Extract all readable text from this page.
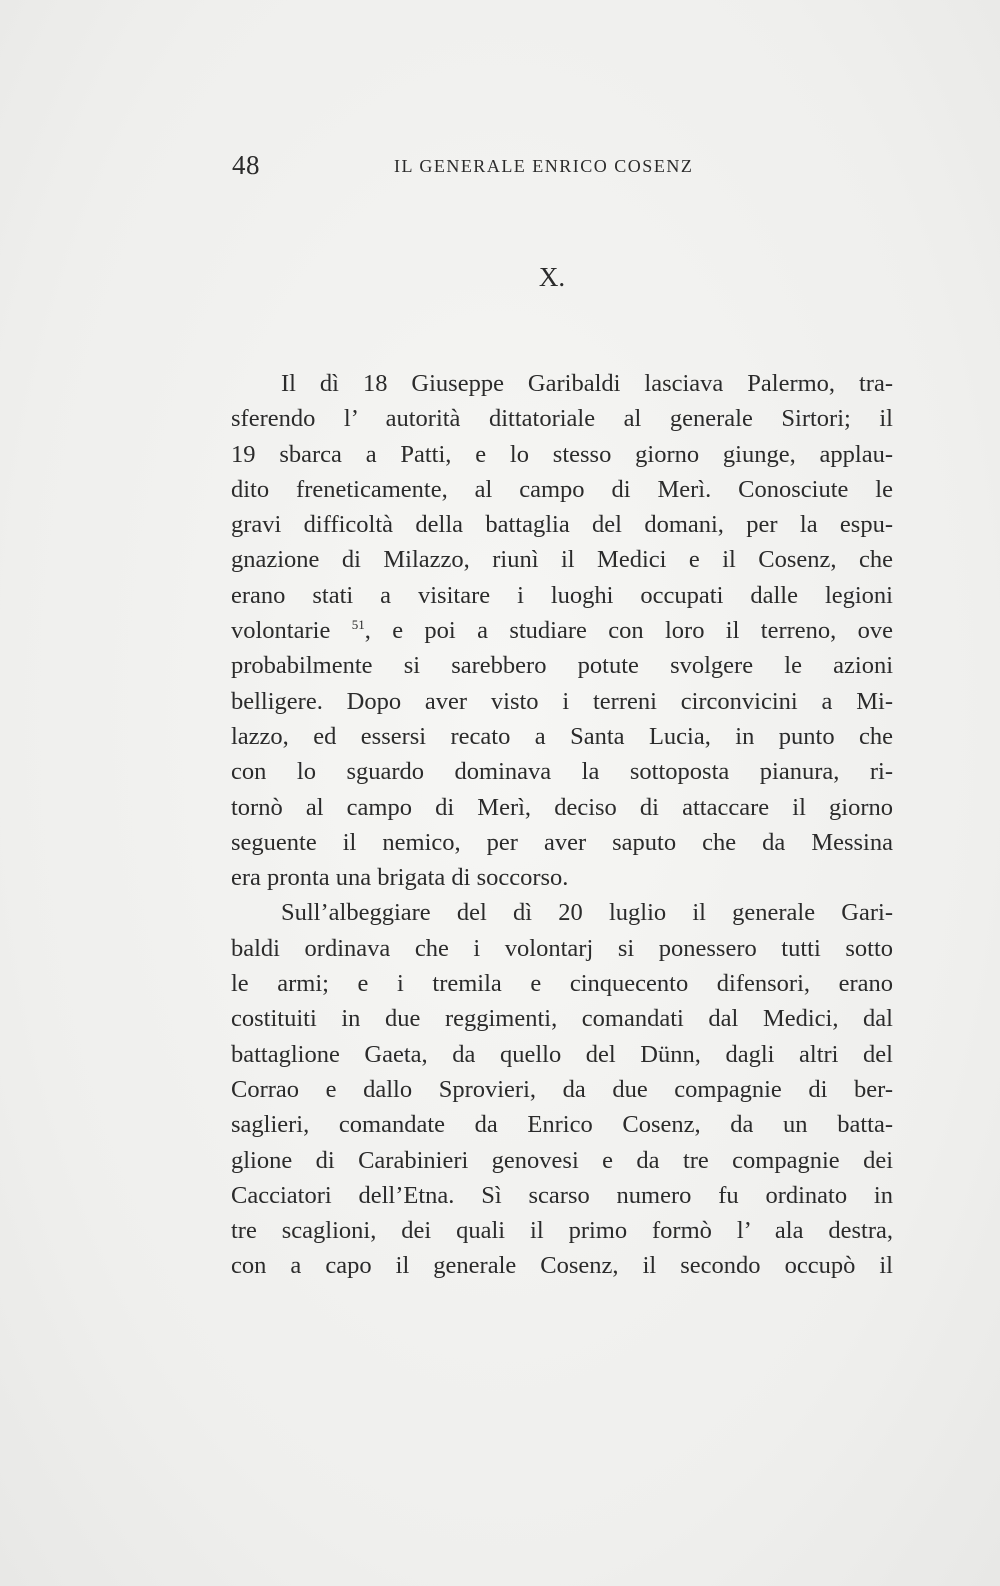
48	IL GENERALE ENRICO COSENZ
X.
Il dì 18 Giuseppe Garibaldi lasciava Palermo, tra-
sferendo l’ autorità dittatoriale al generale Sirtori; il
19 sbarca a Patti, e lo stesso giorno giunge, applau-
dito freneticamente, al campo di Merì. Conosciute le
gravi difficoltà della battaglia del domani, per la espu-
gnazione di Milazzo, riunì il Medici e il Cosenz, che
erano stati a visitare i luoghi occupati dalle legioni
volontarie $^{51}$, e poi a studiare con loro il terreno, ove
probabilmente si sarebbero potute svolgere le azioni
belligere. Dopo aver visto i terreni circonvicini a Mi-
lazzo, ed essersi recato a Santa Lucia, in punto che
con lo sguardo dominava la sottoposta pianura, ri-
tornò al campo di Merì, deciso di attaccare il giorno
seguente il nemico, per aver saputo che da Messina
era pronta una brigata di soccorso.
Sull’albeggiare del dì 20 luglio il generale Gari-
baldi ordinava che i volontarj si ponessero tutti sotto
le armi; e i tremila e cinquecento difensori, erano
costituiti in due reggimenti, comandati dal Medici, dal
battaglione Gaeta, da quello del Dünn, dagli altri del
Corrao e dallo Sprovieri, da due compagnie di ber-
saglieri, comandate da Enrico Cosenz, da un batta-
glione di Carabinieri genovesi e da tre compagnie dei
Cacciatori dell’Etna. Sì scarso numero fu ordinato in
tre scaglioni, dei quali il primo formò l’ ala destra,
con a capo il generale Cosenz, il secondo occupò il
